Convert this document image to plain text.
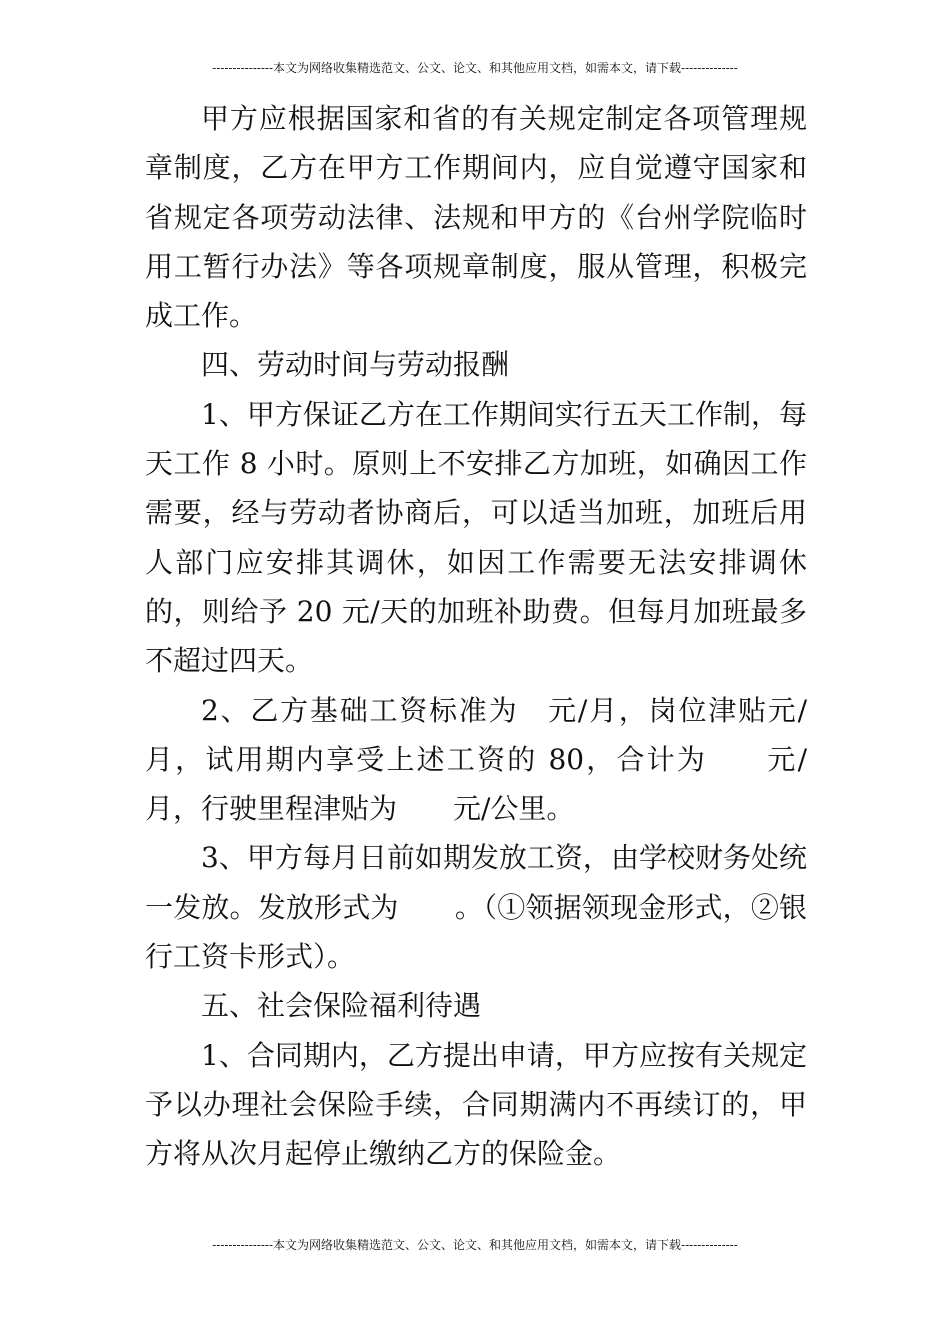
---------------本文为网络收集精选范文、公文、论文、和其他应用文档，如需本文，请下载--------------

甲方应根据国家和省的有关规定制定各项管理规章制度，乙方在甲方工作期间内，应自觉遵守国家和省规定各项劳动法律、法规和甲方的《台州学院临时用工暂行办法》等各项规章制度，服从管理，积极完成工作。

四、劳动时间与劳动报酬

1、甲方保证乙方在工作期间实行五天工作制，每天工作 8 小时。原则上不安排乙方加班，如确因工作需要，经与劳动者协商后，可以适当加班，加班后用人部门应安排其调休，如因工作需要无法安排调休的，则给予 20 元/天的加班补助费。但每月加班最多不超过四天。

2、乙方基础工资标准为　元/月，岗位津贴元/月，试用期内享受上述工资的 80，合计为　　元/月，行驶里程津贴为　　元/公里。

3、甲方每月日前如期发放工资，由学校财务处统一发放。发放形式为　　。（①领据领现金形式，②银行工资卡形式）。

五、社会保险福利待遇

1、合同期内，乙方提出申请，甲方应按有关规定予以办理社会保险手续，合同期满内不再续订的，甲方将从次月起停止缴纳乙方的保险金。

---------------本文为网络收集精选范文、公文、论文、和其他应用文档，如需本文，请下载--------------
